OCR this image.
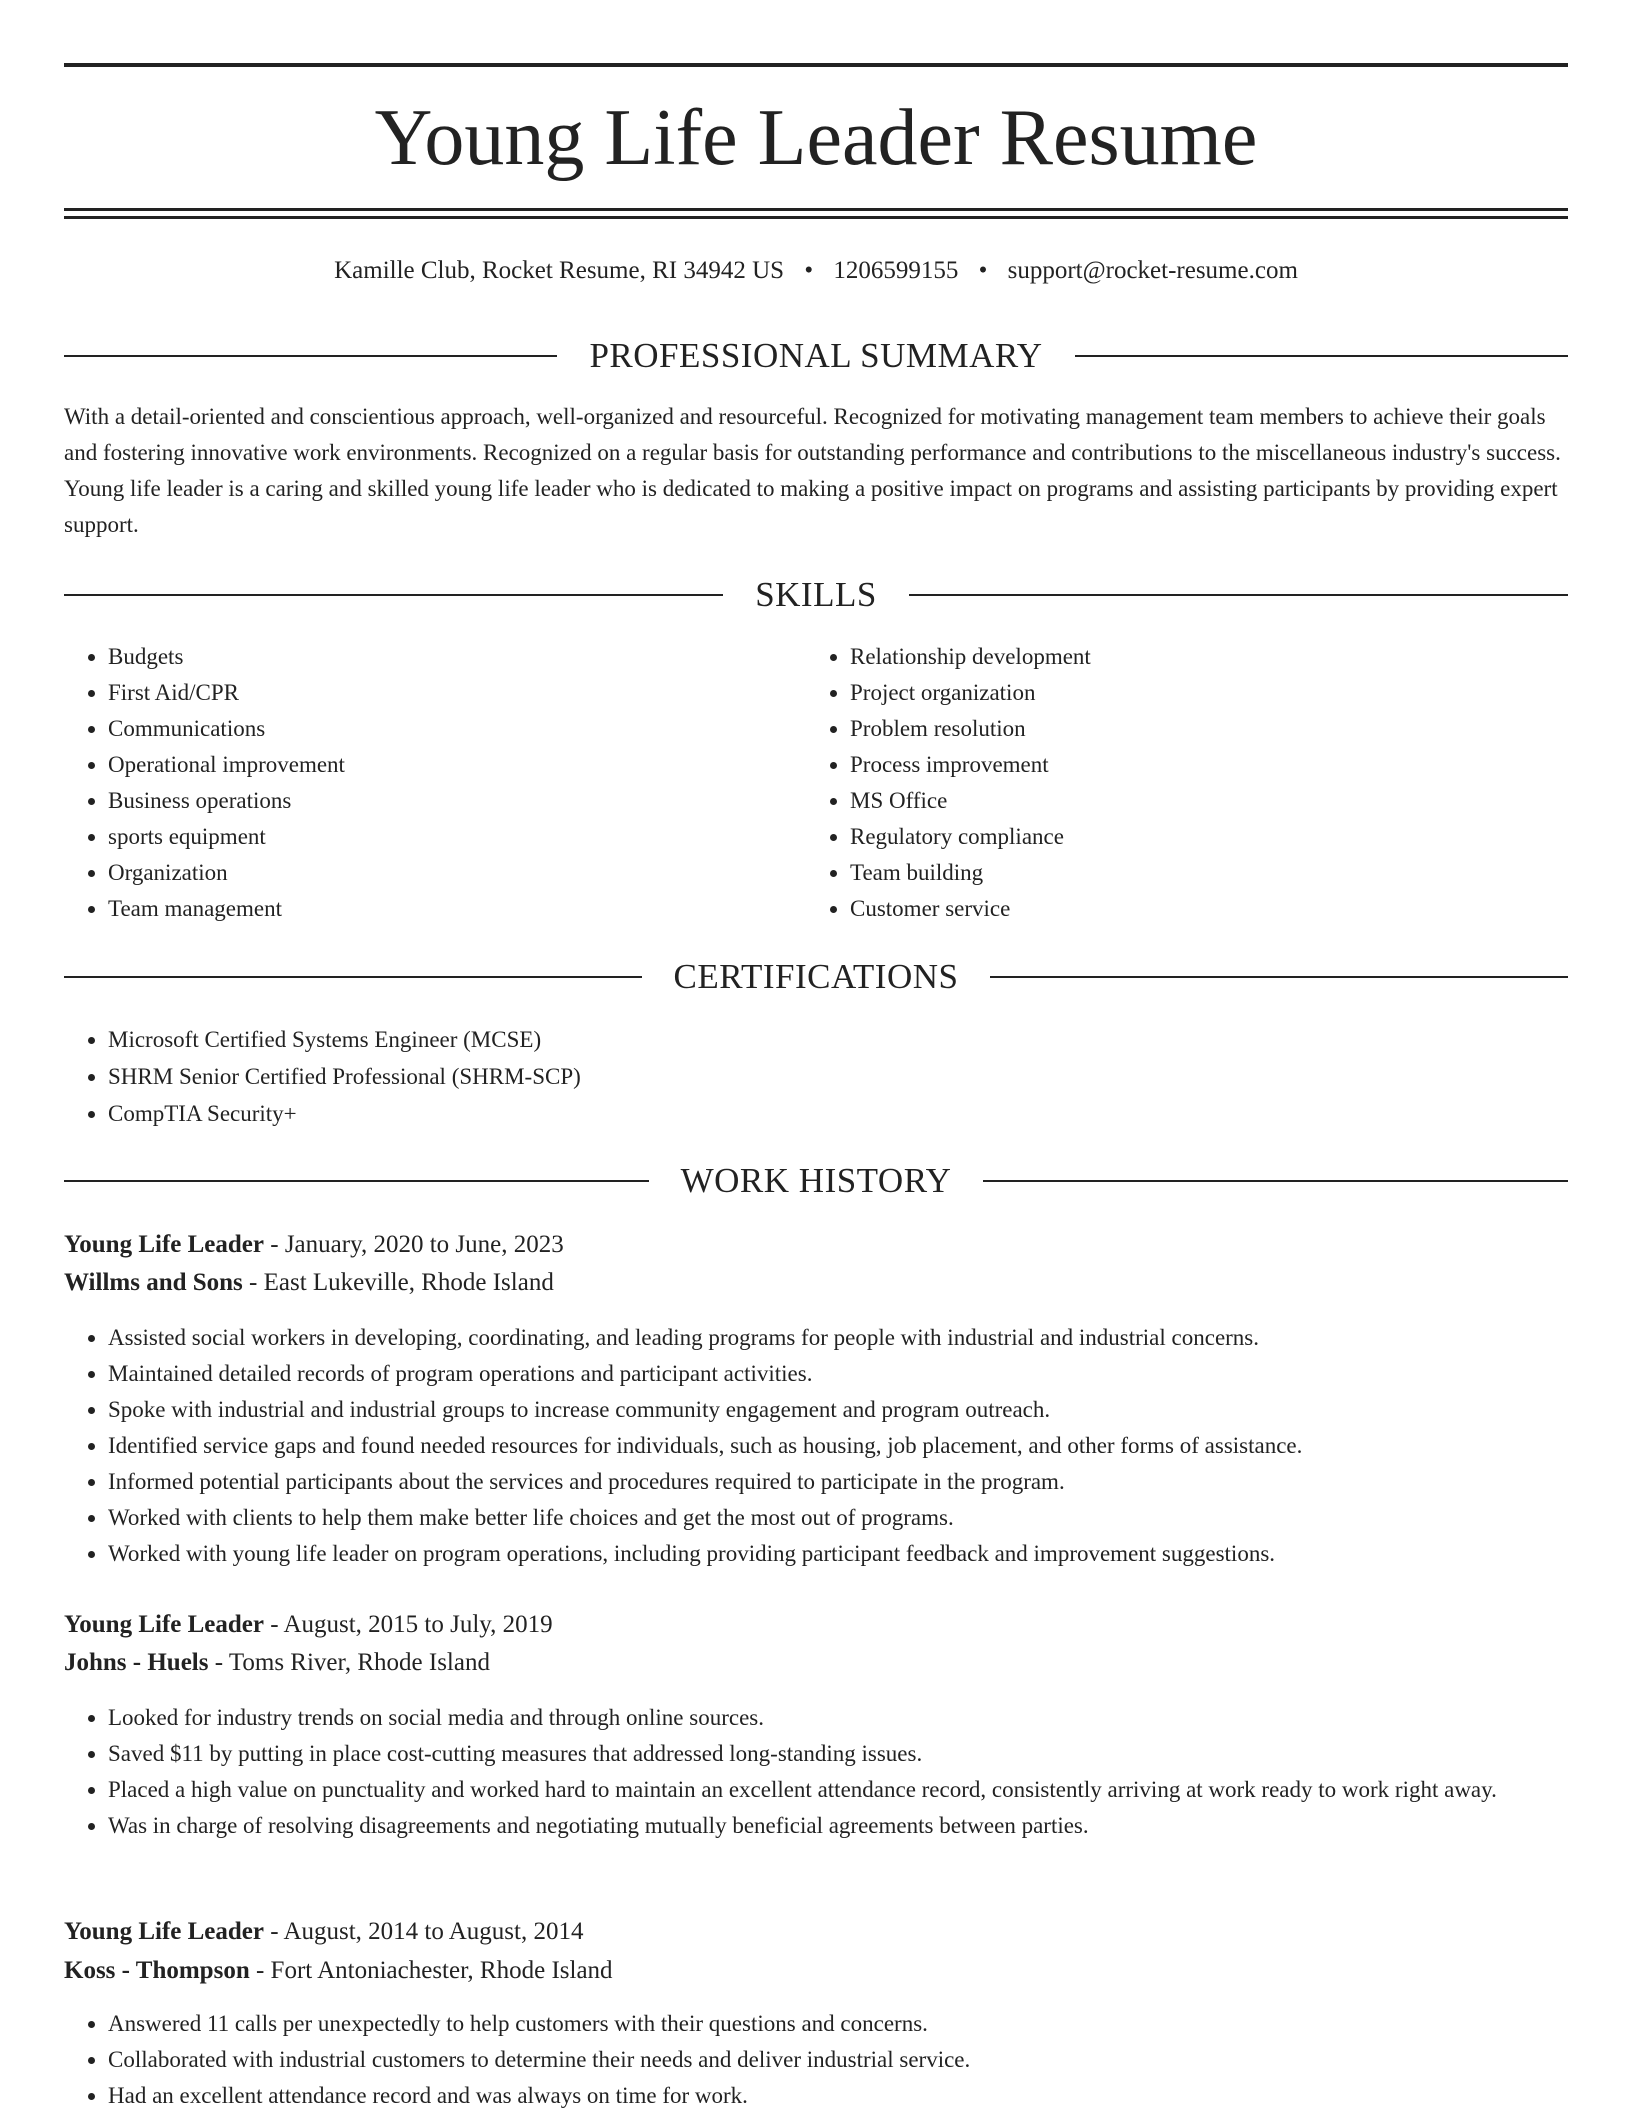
Young Life Leader Resume
Kamille Club, Rocket Resume, RI 34942 US • 1206599155 • support@rocket-resume.com
PROFESSIONAL SUMMARY

With a detail-oriented and conscientious approach, well-organized and resourceful. Recognized for motivating management team members to achieve their goals and fostering innovative work environments. Recognized on a regular basis for outstanding performance and contributions to the miscellaneous industry's success. Young life leader is a caring and skilled young life leader who is dedicated to making a positive impact on programs and assisting participants by providing expert support.

SKILLS
• Budgets
• First Aid/CPR
• Communications
• Operational improvement
• Business operations
• sports equipment
• Organization
• Team management
• Relationship development
• Project organization
• Problem resolution
• Process improvement
• MS Office
• Regulatory compliance
• Team building
• Customer service
CERTIFICATIONS
• Microsoft Certified Systems Engineer (MCSE)
• SHRM Senior Certified Professional (SHRM-SCP)
• CompTIA Security+
WORK HISTORY
Young Life Leader - January, 2020 to June, 2023
Willms and Sons - East Lukeville, Rhode Island
• Assisted social workers in developing, coordinating, and leading programs for people with industrial and industrial concerns.
• Maintained detailed records of program operations and participant activities.
• Spoke with industrial and industrial groups to increase community engagement and program outreach.
• Identified service gaps and found needed resources for individuals, such as housing, job placement, and other forms of assistance.
• Informed potential participants about the services and procedures required to participate in the program.
• Worked with clients to help them make better life choices and get the most out of programs.
• Worked with young life leader on program operations, including providing participant feedback and improvement suggestions.
Young Life Leader - August, 2015 to July, 2019
Johns - Huels - Toms River, Rhode Island
• Looked for industry trends on social media and through online sources.
• Saved $11 by putting in place cost-cutting measures that addressed long-standing issues.
• Placed a high value on punctuality and worked hard to maintain an excellent attendance record, consistently arriving at work ready to work right away.
• Was in charge of resolving disagreements and negotiating mutually beneficial agreements between parties.
Young Life Leader - August, 2014 to August, 2014
Koss - Thompson - Fort Antoniachester, Rhode Island
• Answered 11 calls per unexpectedly to help customers with their questions and concerns.
• Collaborated with industrial customers to determine their needs and deliver industrial service.
• Had an excellent attendance record and was always on time for work.
